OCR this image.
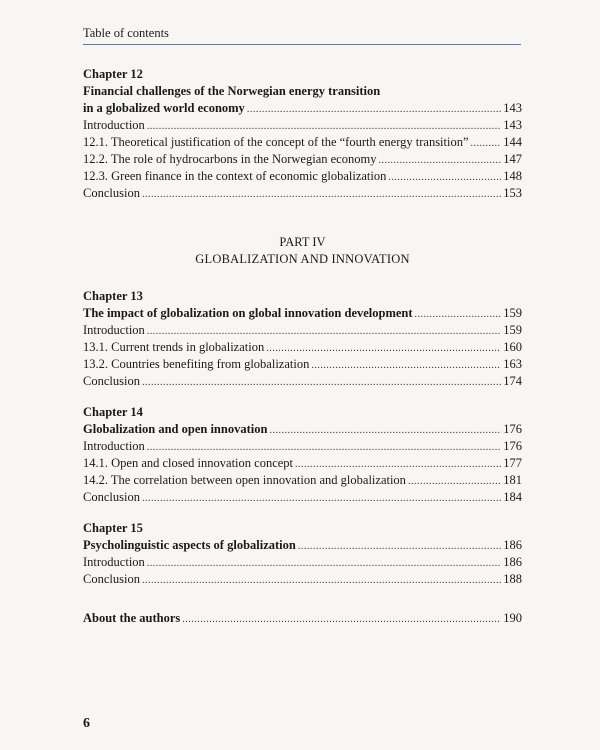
Table of contents
Chapter 12
Financial challenges of the Norwegian energy transition
in a globalized world economy .....	143
Introduction .....	143
12.1. Theoretical justification of the concept of the “fourth energy transition” .....	144
12.2. The role of hydrocarbons in the Norwegian economy .....	147
12.3. Green finance in the context of economic globalization .....	148
Conclusion .....	153
PART IV
GLOBALIZATION AND INNOVATION
Chapter 13
The impact of globalization on global innovation development .....	159
Introduction .....	159
13.1. Current trends in globalization .....	160
13.2. Countries benefiting from globalization .....	163
Conclusion .....	174
Chapter 14
Globalization and open innovation .....	176
Introduction .....	176
14.1. Open and closed innovation concept .....	177
14.2. The correlation between open innovation and globalization .....	181
Conclusion .....	184
Chapter 15
Psycholinguistic aspects of globalization .....	186
Introduction .....	186
Conclusion .....	188
About the authors .....	190
6
